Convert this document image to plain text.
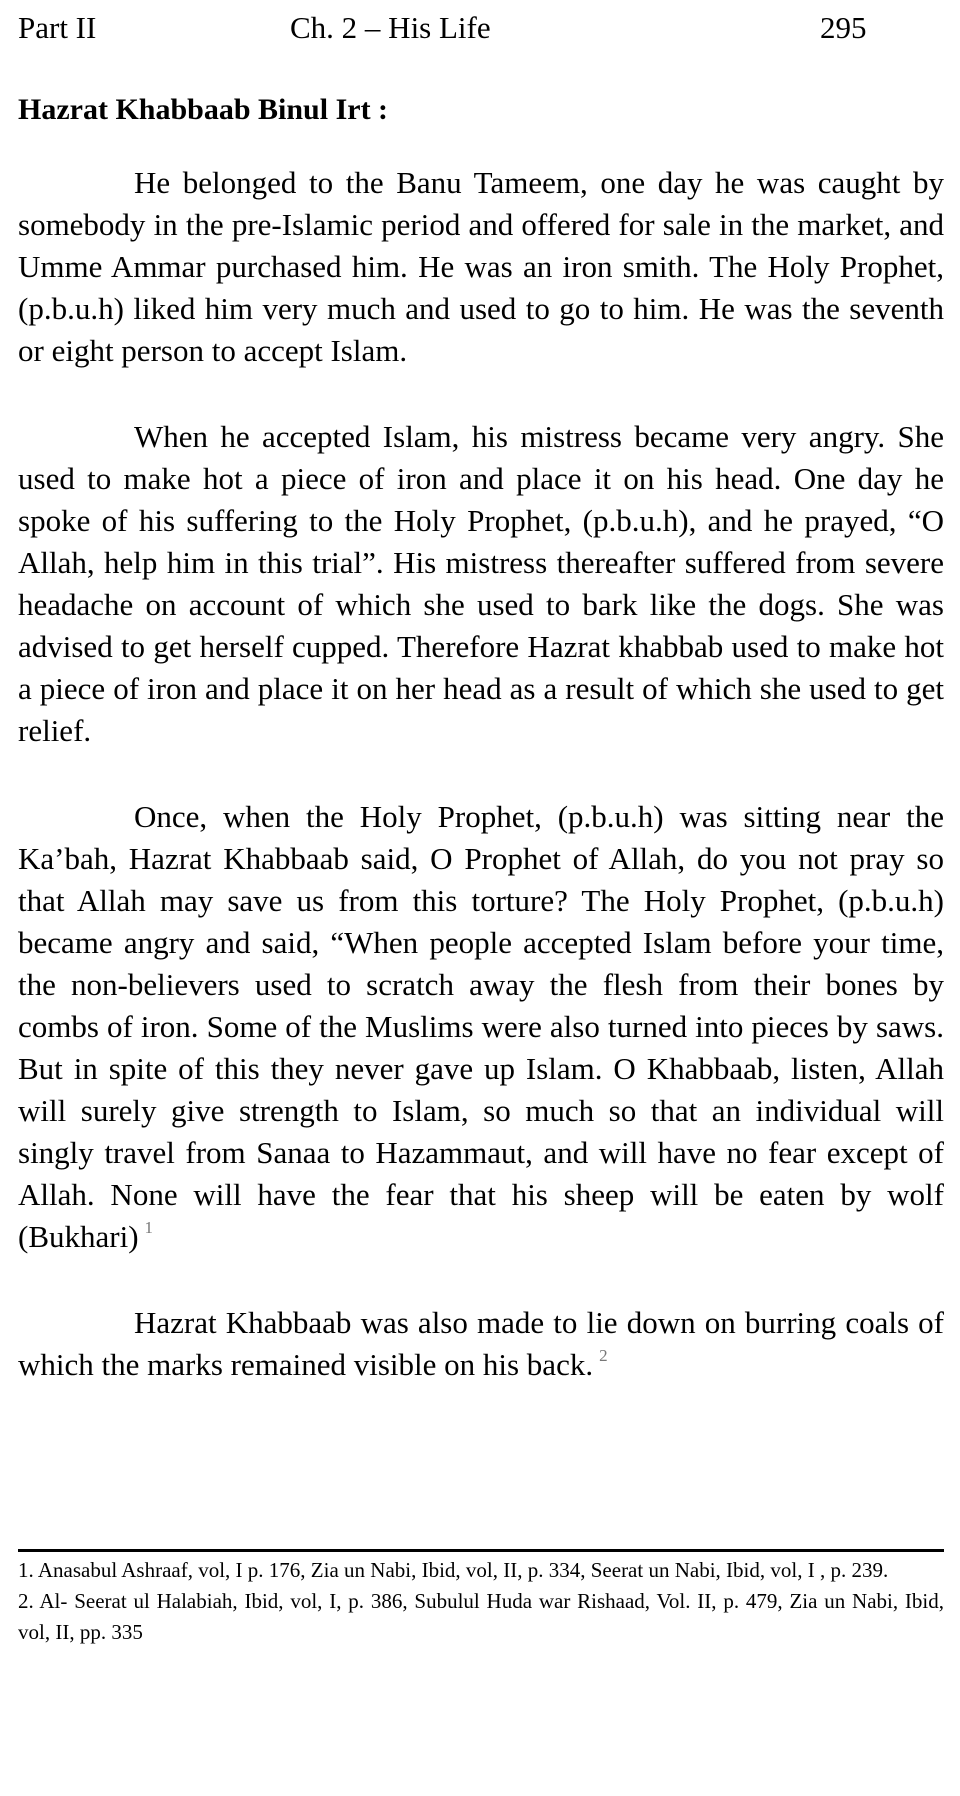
Part II	Ch. 2 – His Life	295
Hazrat Khabbaab Binul Irt :

He belonged to the Banu Tameem, one day he was caught by somebody in the pre-Islamic period and offered for sale in the market, and Umme Ammar purchased him. He was an iron smith. The Holy Prophet, (p.b.u.h) liked him very much and used to go to him. He was the seventh or eight person to accept Islam.

When he accepted Islam, his mistress became very angry. She used to make hot a piece of iron and place it on his head. One day he spoke of his suffering to the Holy Prophet, (p.b.u.h), and he prayed, “O Allah, help him in this trial”. His mistress thereafter suffered from severe headache on account of which she used to bark like the dogs. She was advised to get herself cupped. Therefore Hazrat khabbab used to make hot a piece of iron and place it on her head as a result of which she used to get relief.

Once, when the Holy Prophet, (p.b.u.h) was sitting near the Ka’bah, Hazrat Khabbaab said, O Prophet of Allah, do you not pray so that Allah may save us from this torture? The Holy Prophet, (p.b.u.h) became angry and said, “When people accepted Islam before your time, the non-believers used to scratch away the flesh from their bones by combs of iron. Some of the Muslims were also turned into pieces by saws. But in spite of this they never gave up Islam. O Khabbaab, listen, Allah will surely give strength to Islam, so much so that an individual will singly travel from Sanaa to Hazammaut, and will have no fear except of Allah. None will have the fear that his sheep will be eaten by wolf (Bukhari) $^1$

Hazrat Khabbaab was also made to lie down on burring coals of which the marks remained visible on his back. $^2$

1. Anasabul Ashraaf, vol, I p. 176, Zia un Nabi, Ibid, vol, II, p. 334, Seerat un Nabi, Ibid, vol, I , p. 239.

2. Al- Seerat ul Halabiah, Ibid, vol, I, p. 386, Subulul Huda war Rishaad, Vol. II, p. 479, Zia un Nabi, Ibid, vol, II, pp. 335
